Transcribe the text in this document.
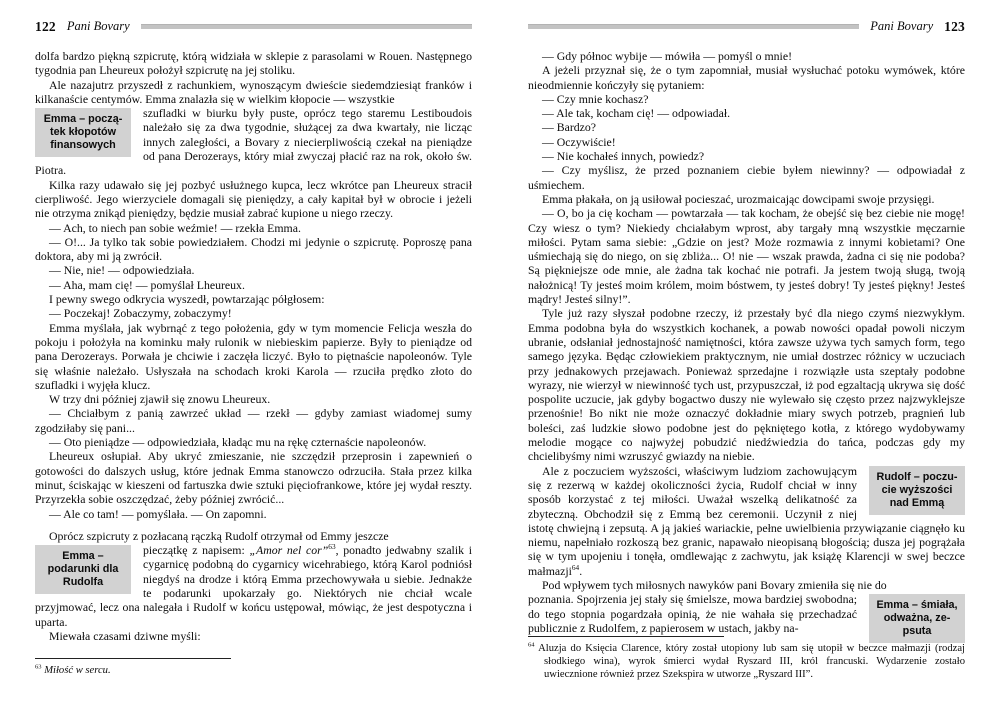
122 Pani Bovary

dolfa bardzo piękną szpicrutę, którą widziała w sklepie z parasolami w Rouen. Następnego tygodnia pan Lheureux położył szpicrutę na jej stoliku.

Ale nazajutrz przyszedł z rachunkiem, wynoszącym dwieście siedemdziesiąt franków i kilkanaście centymów. Emma znalazła się w wielkim kłopocie — wszystkie

Emma – począ-
tek kłopotów
finansowych
szufladki w biurku były puste, oprócz tego staremu Lestiboudois należało się za dwa tygodnie, służącej za dwa kwartały, nie licząc innych zaległości, a Bovary z niecierpliwością czekał na pieniądze od pana Derozerays, który miał zwyczaj płacić raz na rok, około św. Piotra.

Kilka razy udawało się jej pozbyć usłużnego kupca, lecz wkrótce pan Lheureux stracił cierpliwość. Jego wierzyciele domagali się pieniędzy, a cały kapitał był w obrocie i jeżeli nie otrzyma znikąd pieniędzy, będzie musiał zabrać kupione u niego rzeczy.

— Ach, to niech pan sobie weźmie! — rzekła Emma.

— O!... Ja tylko tak sobie powiedziałem. Chodzi mi jedynie o szpicrutę. Poproszę pana doktora, aby mi ją zwrócił.

— Nie, nie! — odpowiedziała.

— Aha, mam cię! — pomyślał Lheureux.

I pewny swego odkrycia wyszedł, powtarzając półgłosem:

— Poczekaj! Zobaczymy, zobaczymy!

Emma myślała, jak wybrnąć z tego położenia, gdy w tym momencie Felicja weszła do pokoju i położyła na kominku mały rulonik w niebieskim papierze. Były to pieniądze od pana Derozerays. Porwała je chciwie i zaczęła liczyć. Było to piętnaście napoleonów. Tyle się właśnie należało. Usłyszała na schodach kroki Karola — rzuciła prędko złoto do szufladki i wyjęła klucz.

W trzy dni później zjawił się znowu Lheureux.

— Chciałbym z panią zawrzeć układ — rzekł — gdyby zamiast wiadomej sumy zgodziłaby się pani...

— Oto pieniądze — odpowiedziała, kładąc mu na rękę czternaście napoleonów.

Lheureux osłupiał. Aby ukryć zmieszanie, nie szczędził przeprosin i zapewnień o gotowości do dalszych usług, które jednak Emma stanowczo odrzuciła. Stała przez kilka minut, ściskając w kieszeni od fartuszka dwie sztuki pięciofrankowe, które jej wydał reszty. Przyrzekła sobie oszczędzać, żeby później zwrócić...

— Ale co tam! — pomyślała. — On zapomni.

Oprócz szpicruty z pozłacaną rączką Rudolf otrzymał od Emmy jeszcze

Emma –
podarunki dla
Rudolfa
pieczątkę z napisem: „Amor nel cor”$^{63}$, ponadto jedwabny szalik i cygarnicę podobną do cygarnicy wicehrabiego, którą Karol podniósł niegdyś na drodze i którą Emma przechowywała u siebie. Jednakże te podarunki upokarzały go. Niektórych nie chciał wcale przyjmować, lecz ona nalegała i Rudolf w końcu ustępował, mówiąc, że jest despotyczna i uparta.

Miewała czasami dziwne myśli:

$^{63}$ Miłość w sercu.
Pani Bovary 123

— Gdy północ wybije — mówiła — pomyśl o mnie!

A jeżeli przyznał się, że o tym zapomniał, musiał wysłuchać potoku wymówek, które nieodmiennie kończyły się pytaniem:

— Czy mnie kochasz?

— Ale tak, kocham cię! — odpowiadał.

— Bardzo?

— Oczywiście!

— Nie kochałeś innych, powiedz?

— Czy myślisz, że przed poznaniem ciebie byłem niewinny? — odpowiadał z uśmiechem.

Emma płakała, on ją usiłował pocieszać, urozmaicając dowcipami swoje przysięgi.

— O, bo ja cię kocham — powtarzała — tak kocham, że obejść się bez ciebie nie mogę! Czy wiesz o tym? Niekiedy chciałabym wprost, aby targały mną wszystkie męczarnie miłości. Pytam sama siebie: „Gdzie on jest? Może rozmawia z innymi kobietami? One uśmiechają się do niego, on się zbliża... O! nie — wszak prawda, żadna ci się nie podoba? Są piękniejsze ode mnie, ale żadna tak kochać nie potrafi. Ja jestem twoją sługą, twoją nałożnicą! Ty jesteś moim królem, moim bóstwem, ty jesteś dobry! Ty jesteś piękny! Jesteś mądry! Jesteś silny!”.

Tyle już razy słyszał podobne rzeczy, iż przestały być dla niego czymś niezwykłym. Emma podobna była do wszystkich kochanek, a powab nowości opadał powoli niczym ubranie, odsłaniał jednostajność namiętności, która zawsze używa tych samych form, tego samego języka. Będąc człowiekiem praktycznym, nie umiał dostrzec różnicy w uczuciach przy jednakowych przejawach. Ponieważ sprzedajne i rozwiązłe usta szeptały podobne wyrazy, nie wierzył w niewinność tych ust, przypuszczał, iż pod egzaltacją ukrywa się dość pospolite uczucie, jak gdyby bogactwo duszy nie wylewało się często przez najzwyklejsze przenośnie! Bo nikt nie może oznaczyć dokładnie miary swych potrzeb, pragnień lub boleści, zaś ludzkie słowo podobne jest do pękniętego kotła, z którego wydobywamy melodie mogące co najwyżej pobudzić niedźwiedzia do tańca, podczas gdy my chcielibyśmy nimi wzruszyć gwiazdy na niebie.

Rudolf – poczu-
cie wyższości
nad Emmą
Ale z poczuciem wyższości, właściwym ludziom zachowującym się z rezerwą w każdej okoliczności życia, Rudolf chciał w inny sposób korzystać z tej miłości. Uważał wszelką delikatność za zbyteczną. Obchodził się z Emmą bez ceremonii. Uczynił z niej istotę chwiejną i zepsutą. A ją jakieś wariackie, pełne uwielbienia przywiązanie ciągnęło ku niemu, napełniało rozkoszą bez granic, napawało nieopisaną błogością; dusza jej pogrążała się w tym upojeniu i tonęła, omdlewając z zachwytu, jak książę Klarencji w swej beczce małmazji$^{64}$.

Pod wpływem tych miłosnych nawyków pani Bovary zmieniła się nie do

Emma – śmiała,
odważna, ze-
psuta
poznania. Spojrzenia jej stały się śmielsze, mowa bardziej swobodna; do tego stopnia pogardzała opinią, że nie wahała się przechadzać publicznie z Rudolfem, z papierosem w ustach, jakby na-

$^{64}$ Aluzja do Księcia Clarence, który został utopiony lub sam się utopił w beczce małmazji (rodzaj słodkiego wina), wyrok śmierci wydał Ryszard III, król francuski. Wydarzenie zostało uwiecznione również przez Szekspira w utworze „Ryszard III”.
